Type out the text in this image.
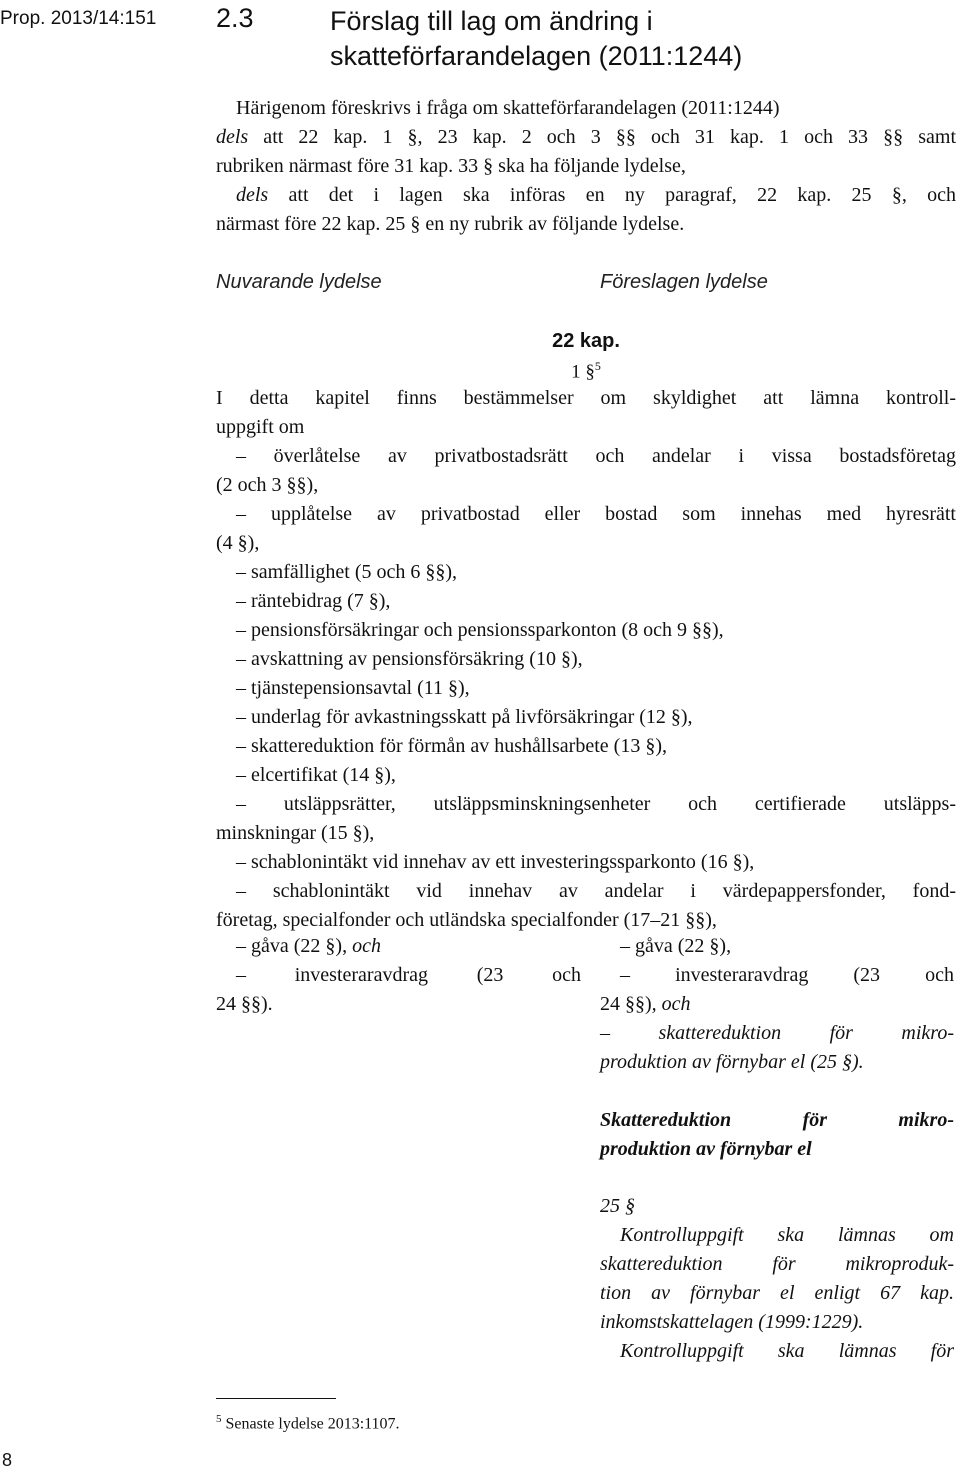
Prop. 2013/14:151 2.3	Förslag till lag om ändring i
skatteförfarandelagen (2011:1244)
Härigenom föreskrivs i fråga om skatteförfarandelagen (2011:1244)
dels att 22 kap. 1 §, 23 kap. 2 och 3 §§ och 31 kap. 1 och 33 §§ samt
rubriken närmast före 31 kap. 33 § ska ha följande lydelse,
dels att det i lagen ska införas en ny paragraf, 22 kap. 25 §, och
närmast före 22 kap. 25 § en ny rubrik av följande lydelse.
Nuvarande lydelse	Föreslagen lydelse
22 kap.
1 §$^5$
I detta kapitel finns bestämmelser om skyldighet att lämna kontroll-
uppgift om
– överlåtelse av privatbostadsrätt och andelar i vissa bostadsföretag
(2 och 3 §§),
– upplåtelse av privatbostad eller bostad som innehas med hyresrätt
(4 §),
– samfällighet (5 och 6 §§),
– räntebidrag (7 §),
– pensionsförsäkringar och pensionssparkonton (8 och 9 §§),
– avskattning av pensionsförsäkring (10 §),
– tjänstepensionsavtal (11 §),
– underlag för avkastningsskatt på livförsäkringar (12 §),
– skattereduktion för förmån av hushållsarbete (13 §),
– elcertifikat (14 §),
– utsläppsrätter, utsläppsminskningsenheter och certifierade utsläpps-
minskningar (15 §),
– schablonintäkt vid innehav av ett investeringssparkonto (16 §),
– schablonintäkt vid innehav av andelar i värdepappersfonder, fond-
företag, specialfonder och utländska specialfonder (17–21 §§),
– gåva (22 §), och
– investeraravdrag (23 och
24 §§).
– gåva (22 §),
– investeraravdrag (23 och
24 §§), och
– skattereduktion för mikro-
produktion av förnybar el (25 §).
Skattereduktion för mikro-
produktion av förnybar el
25 §
Kontrolluppgift ska lämnas om
skattereduktion för mikroproduk-
tion av förnybar el enligt 67 kap.
inkomstskattelagen (1999:1229).
Kontrolluppgift ska lämnas för
$^5$ Senaste lydelse 2013:1107.
8
